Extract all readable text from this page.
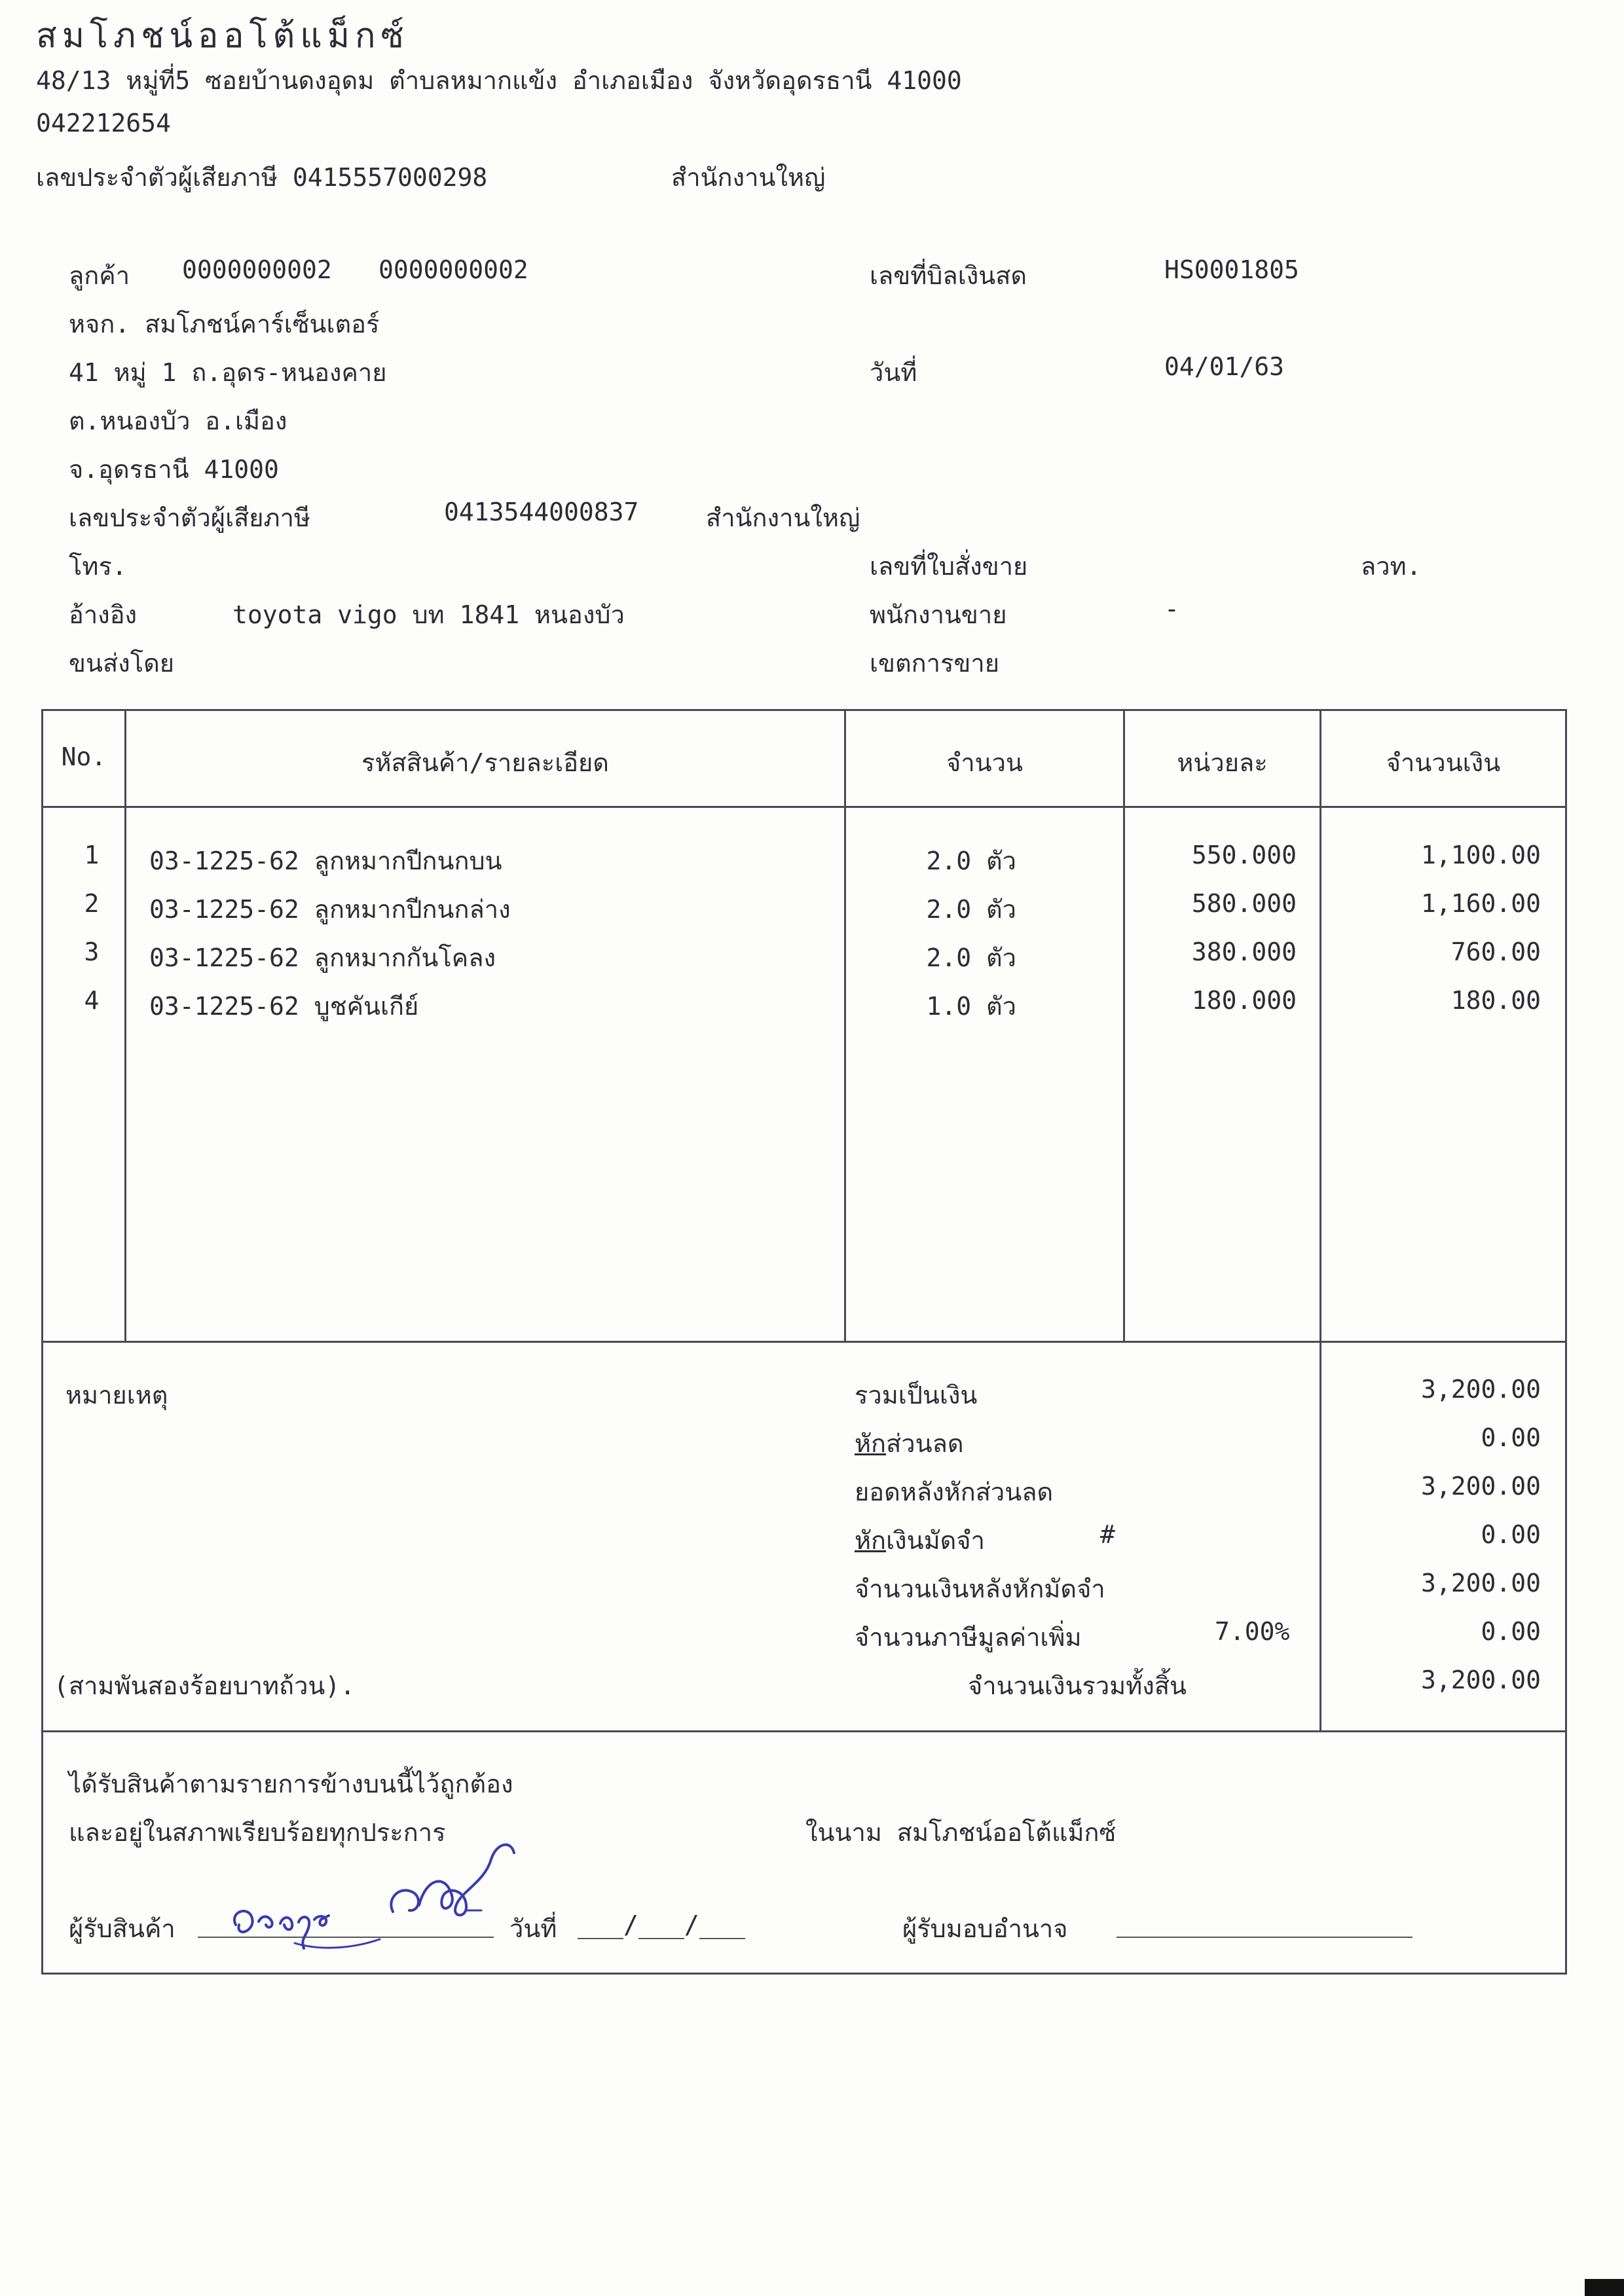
สมโภชน์ออโต้แม็กซ์
48/13 หมู่ที่5 ซอยบ้านดงอุดม ตำบลหมากแข้ง อำเภอเมือง จังหวัดอุดรธานี 41000
042212654
เลขประจำตัวผู้เสียภาษี 0415557000298	สำนักงานใหญ่
ลูกค้า 0000000002 0000000002
หจก. สมโภชน์คาร์เซ็นเตอร์
41 หมู่ 1 ถ.อุดร-หนองคาย
ต.หนองบัว อ.เมือง
จ.อุดรธานี 41000
เลขประจำตัวผู้เสียภาษี	0413544000837	สำนักงานใหญ่
โทร.
อ้างอิง	toyota vigo บท 1841 หนองบัว
ขนส่งโดย
เลขที่บิลเงินสด	HS0001805
วันที่	04/01/63
เลขที่ใบสั่งขาย	ลวท.
พนักงานขาย	-
เขตการขาย
No.	รหัสสินค้า/รายละเอียด	จำนวน	หน่วยละ	จำนวนเงิน
1	03-1225-62 ลูกหมากปีกนกบน	2.0 ตัว	550.000	1,100.00
2	03-1225-62 ลูกหมากปีกนกล่าง	2.0 ตัว	580.000	1,160.00
3	03-1225-62 ลูกหมากกันโคลง	2.0 ตัว	380.000	760.00
4	03-1225-62 บูชคันเกีย์	1.0 ตัว	180.000	180.00
หมายเหตุ	รวมเป็นเงิน	3,200.00
หักส่วนลด	0.00
ยอดหลังหักส่วนลด	3,200.00
หักเงินมัดจำ	#	0.00
จำนวนเงินหลังหักมัดจำ	3,200.00
จำนวนภาษีมูลค่าเพิ่ม	7.00%	0.00
(สามพันสองร้อยบาทถ้วน).	จำนวนเงินรวมทั้งสิ้น	3,200.00
ได้รับสินค้าตามรายการข้างบนนี้ไว้ถูกต้อง
และอยู่ในสภาพเรียบร้อยทุกประการ	ในนาม สมโภชน์ออโต้แม็กซ์
ผู้รับสินค้า	วันที่	/ /	ผู้รับมอบอำนาจ
